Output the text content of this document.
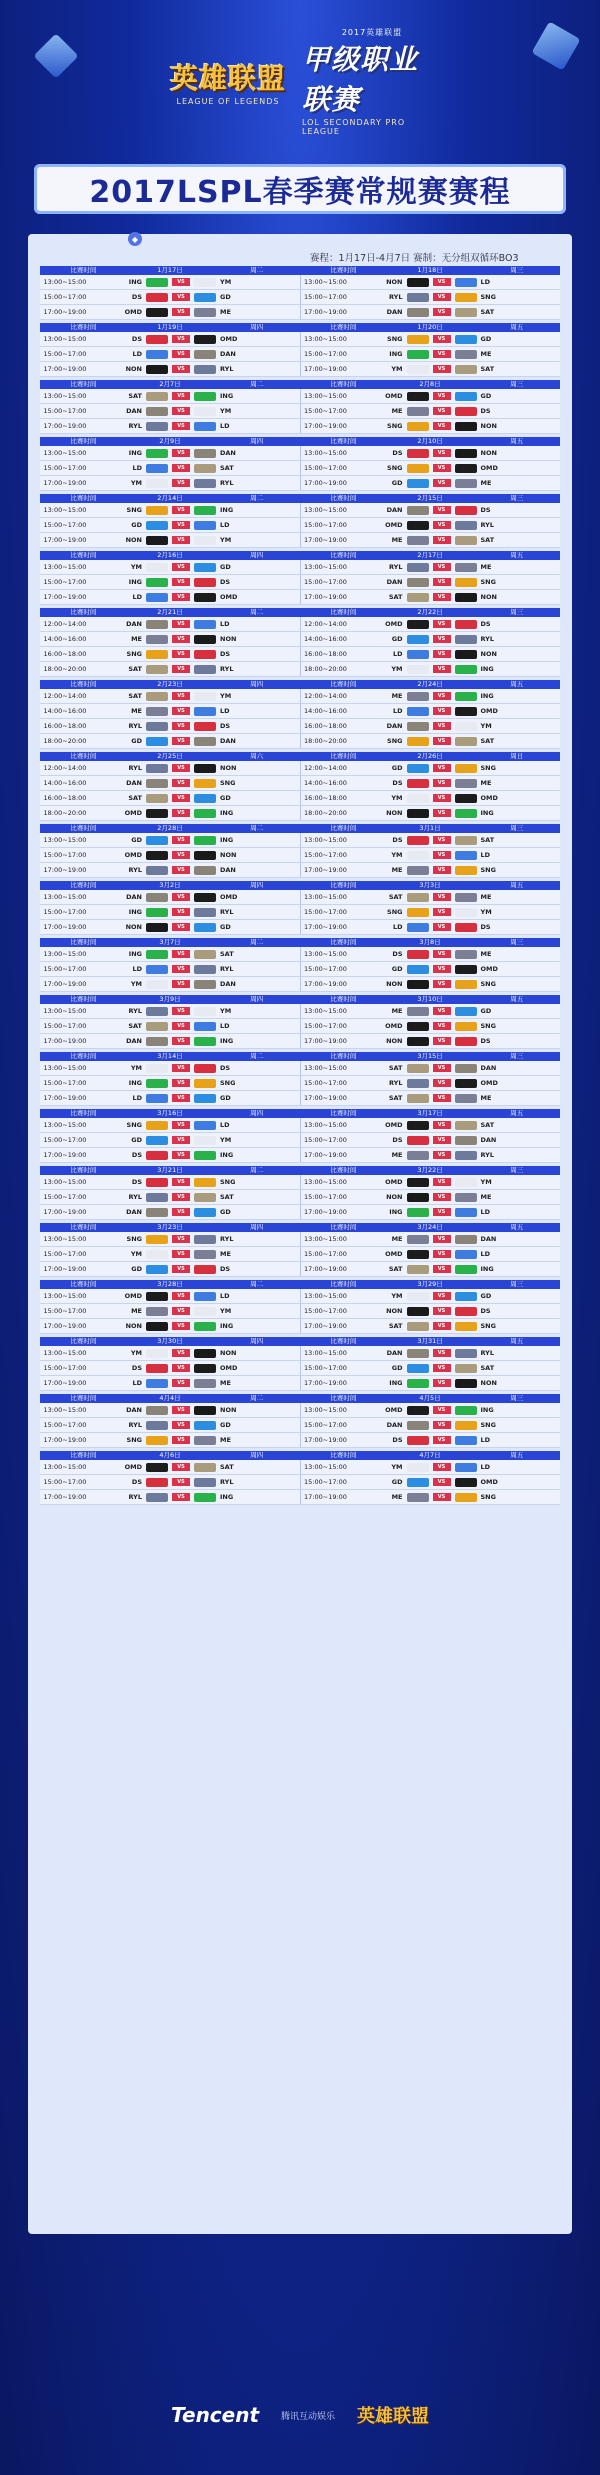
英雄联盟
LEAGUE OF LEGENDS
2017英雄联盟
甲级职业联赛
LOL SECONDARY PRO LEAGUE
2017LSPL春季赛常规赛赛程
◆
赛程：1月17日-4月7日 赛制：无分组双循环BO3
比赛时间	1月17日	周二	比赛时间	1月18日	周三
13:00~15:00	ING	VS	YM	13:00~15:00	NON	VS	LD
15:00~17:00	DS	VS	GD	15:00~17:00	RYL	VS	SNG
17:00~19:00	OMD	VS	ME	17:00~19:00	DAN	VS	SAT
比赛时间	1月19日	周四	比赛时间	1月20日	周五
13:00~15:00	DS	VS	OMD	13:00~15:00	SNG	VS	GD
15:00~17:00	LD	VS	DAN	15:00~17:00	ING	VS	ME
17:00~19:00	NON	VS	RYL	17:00~19:00	YM	VS	SAT
比赛时间	2月7日	周二	比赛时间	2月8日	周三
13:00~15:00	SAT	VS	ING	13:00~15:00	OMD	VS	GD
15:00~17:00	DAN	VS	YM	15:00~17:00	ME	VS	DS
17:00~19:00	RYL	VS	LD	17:00~19:00	SNG	VS	NON
比赛时间	2月9日	周四	比赛时间	2月10日	周五
13:00~15:00	ING	VS	DAN	13:00~15:00	DS	VS	NON
15:00~17:00	LD	VS	SAT	15:00~17:00	SNG	VS	OMD
17:00~19:00	YM	VS	RYL	17:00~19:00	GD	VS	ME
比赛时间	2月14日	周二	比赛时间	2月15日	周三
13:00~15:00	SNG	VS	ING	13:00~15:00	DAN	VS	DS
15:00~17:00	GD	VS	LD	15:00~17:00	OMD	VS	RYL
17:00~19:00	NON	VS	YM	17:00~19:00	ME	VS	SAT
比赛时间	2月16日	周四	比赛时间	2月17日	周五
13:00~15:00	YM	VS	GD	13:00~15:00	RYL	VS	ME
15:00~17:00	ING	VS	DS	15:00~17:00	DAN	VS	SNG
17:00~19:00	LD	VS	OMD	17:00~19:00	SAT	VS	NON
比赛时间	2月21日	周二	比赛时间	2月22日	周三
12:00~14:00	DAN	VS	LD	12:00~14:00	OMD	VS	DS
14:00~16:00	ME	VS	NON	14:00~16:00	GD	VS	RYL
16:00~18:00	SNG	VS	DS	16:00~18:00	LD	VS	NON
18:00~20:00	SAT	VS	RYL	18:00~20:00	YM	VS	ING
比赛时间	2月23日	周四	比赛时间	2月24日	周五
12:00~14:00	SAT	VS	YM	12:00~14:00	ME	VS	ING
14:00~16:00	ME	VS	LD	14:00~16:00	LD	VS	OMD
16:00~18:00	RYL	VS	DS	16:00~18:00	DAN	VS	YM
18:00~20:00	GD	VS	DAN	18:00~20:00	SNG	VS	SAT
比赛时间	2月25日	周六	比赛时间	2月26日	周日
12:00~14:00	RYL	VS	NON	12:00~14:00	GD	VS	SNG
14:00~16:00	DAN	VS	SNG	14:00~16:00	DS	VS	ME
16:00~18:00	SAT	VS	GD	16:00~18:00	YM	VS	OMD
18:00~20:00	OMD	VS	ING	18:00~20:00	NON	VS	ING
比赛时间	2月28日	周二	比赛时间	3月1日	周三
13:00~15:00	GD	VS	ING	13:00~15:00	DS	VS	SAT
15:00~17:00	OMD	VS	NON	15:00~17:00	YM	VS	LD
17:00~19:00	RYL	VS	DAN	17:00~19:00	ME	VS	SNG
比赛时间	3月2日	周四	比赛时间	3月3日	周五
13:00~15:00	DAN	VS	OMD	13:00~15:00	SAT	VS	ME
15:00~17:00	ING	VS	RYL	15:00~17:00	SNG	VS	YM
17:00~19:00	NON	VS	GD	17:00~19:00	LD	VS	DS
比赛时间	3月7日	周二	比赛时间	3月8日	周三
13:00~15:00	ING	VS	SAT	13:00~15:00	DS	VS	ME
15:00~17:00	LD	VS	RYL	15:00~17:00	GD	VS	OMD
17:00~19:00	YM	VS	DAN	17:00~19:00	NON	VS	SNG
比赛时间	3月9日	周四	比赛时间	3月10日	周五
13:00~15:00	RYL	VS	YM	13:00~15:00	ME	VS	GD
15:00~17:00	SAT	VS	LD	15:00~17:00	OMD	VS	SNG
17:00~19:00	DAN	VS	ING	17:00~19:00	NON	VS	DS
比赛时间	3月14日	周二	比赛时间	3月15日	周三
13:00~15:00	YM	VS	DS	13:00~15:00	SAT	VS	DAN
15:00~17:00	ING	VS	SNG	15:00~17:00	RYL	VS	OMD
17:00~19:00	LD	VS	GD	17:00~19:00	SAT	VS	ME
比赛时间	3月16日	周四	比赛时间	3月17日	周五
13:00~15:00	SNG	VS	LD	13:00~15:00	OMD	VS	SAT
15:00~17:00	GD	VS	YM	15:00~17:00	DS	VS	DAN
17:00~19:00	DS	VS	ING	17:00~19:00	ME	VS	RYL
比赛时间	3月21日	周二	比赛时间	3月22日	周三
13:00~15:00	DS	VS	SNG	13:00~15:00	OMD	VS	YM
15:00~17:00	RYL	VS	SAT	15:00~17:00	NON	VS	ME
17:00~19:00	DAN	VS	GD	17:00~19:00	ING	VS	LD
比赛时间	3月23日	周四	比赛时间	3月24日	周五
13:00~15:00	SNG	VS	RYL	13:00~15:00	ME	VS	DAN
15:00~17:00	YM	VS	ME	15:00~17:00	OMD	VS	LD
17:00~19:00	GD	VS	DS	17:00~19:00	SAT	VS	ING
比赛时间	3月28日	周二	比赛时间	3月29日	周三
13:00~15:00	OMD	VS	LD	13:00~15:00	YM	VS	GD
15:00~17:00	ME	VS	YM	15:00~17:00	NON	VS	DS
17:00~19:00	NON	VS	ING	17:00~19:00	SAT	VS	SNG
比赛时间	3月30日	周四	比赛时间	3月31日	周五
13:00~15:00	YM	VS	NON	13:00~15:00	DAN	VS	RYL
15:00~17:00	DS	VS	OMD	15:00~17:00	GD	VS	SAT
17:00~19:00	LD	VS	ME	17:00~19:00	ING	VS	NON
比赛时间	4月4日	周二	比赛时间	4月5日	周三
13:00~15:00	DAN	VS	NON	13:00~15:00	OMD	VS	ING
15:00~17:00	RYL	VS	GD	15:00~17:00	DAN	VS	SNG
17:00~19:00	SNG	VS	ME	17:00~19:00	DS	VS	LD
比赛时间	4月6日	周四	比赛时间	4月7日	周五
13:00~15:00	OMD	VS	SAT	13:00~15:00	YM	VS	LD
15:00~17:00	DS	VS	RYL	15:00~17:00	GD	VS	OMD
17:00~19:00	RYL	VS	ING	17:00~19:00	ME	VS	SNG
Tencent 腾讯互动娱乐 英雄联盟
